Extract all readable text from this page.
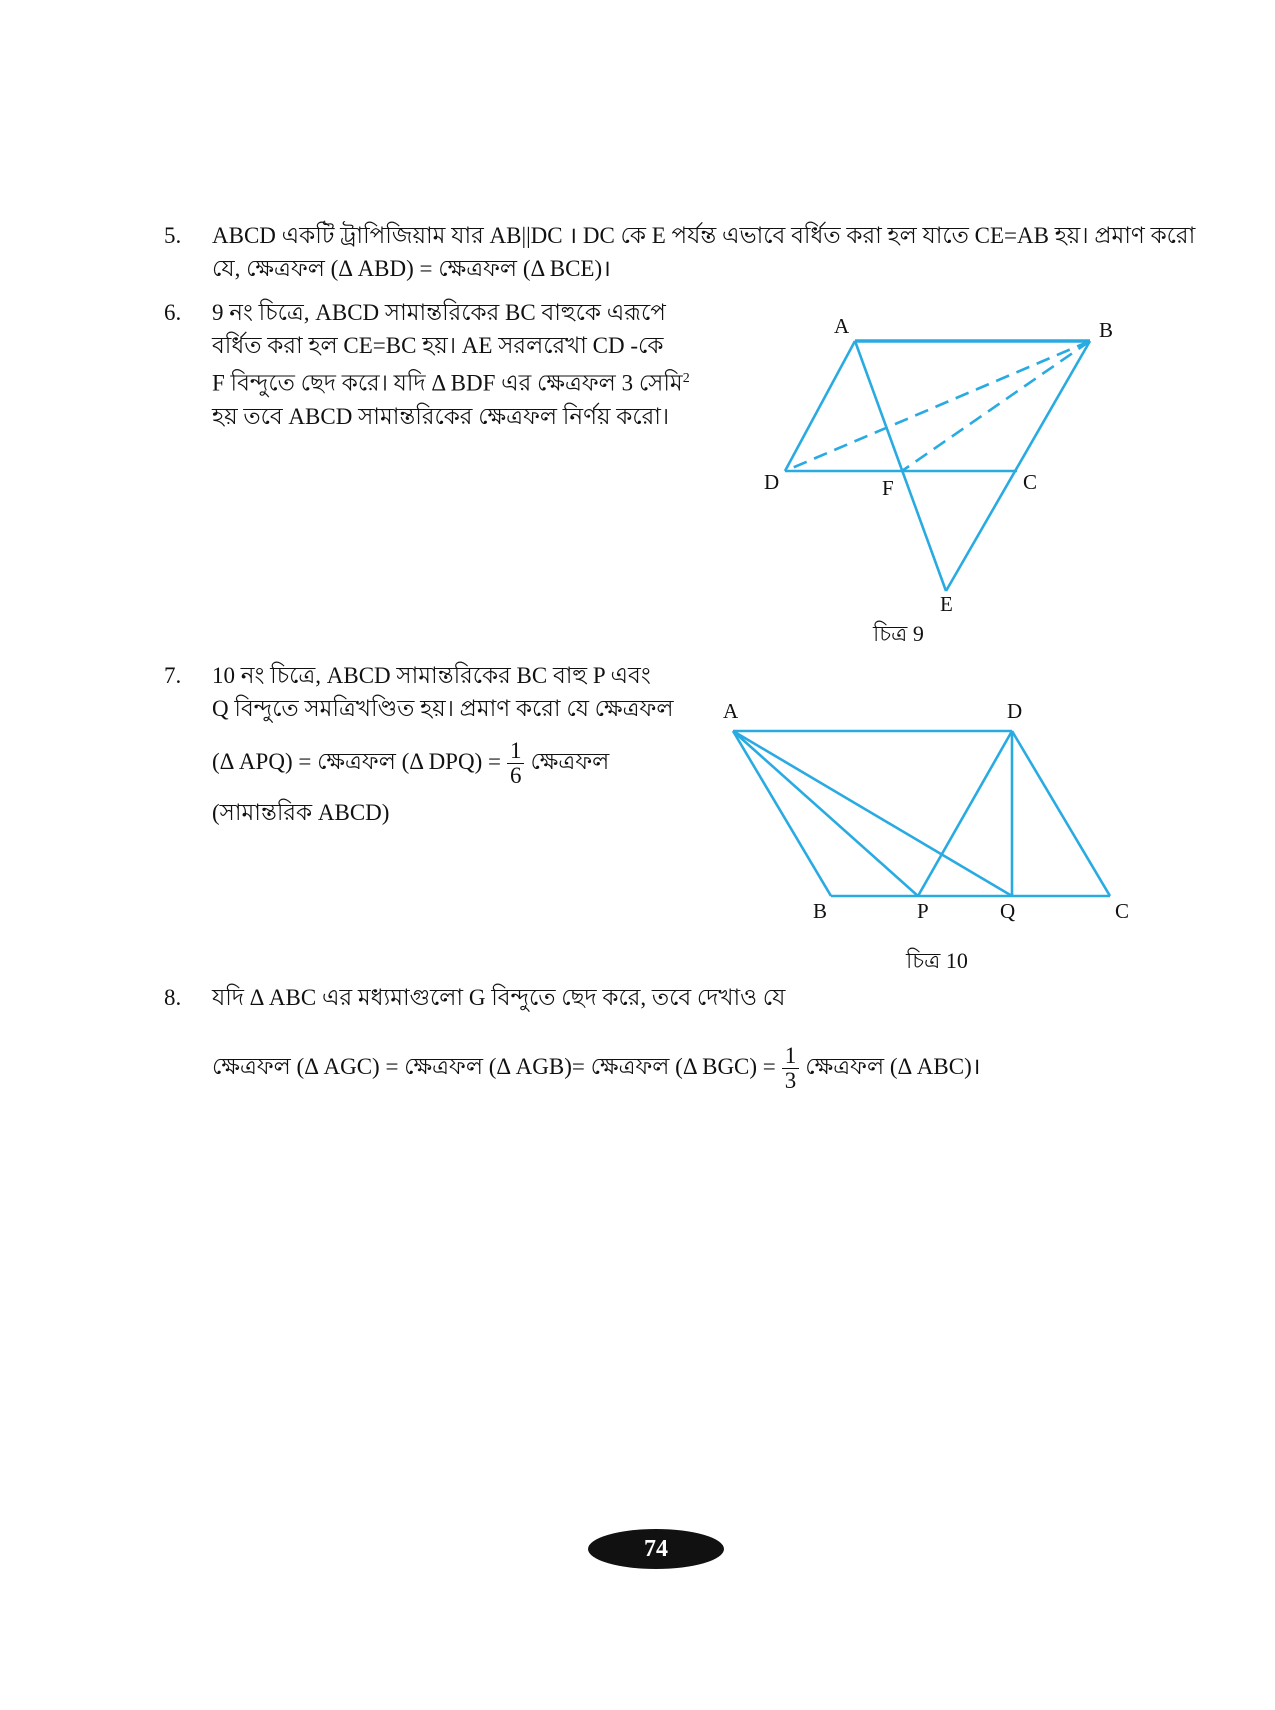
5. ABCD একটি ট্রাপিজিয়াম যার AB||DC । DC কে E পর্যন্ত এভাবে বর্ধিত করা হল যাতে CE=AB হয়। প্রমাণ করো
যে, ক্ষেত্রফল (Δ ABD) = ক্ষেত্রফল (Δ BCE)।
6. 9 নং চিত্রে, ABCD সামান্তরিকের BC বাহুকে এরূপে
বর্ধিত করা হল CE=BC হয়। AE সরলরেখা CD -কে
F বিন্দুতে ছেদ করে। যদি Δ BDF এর ক্ষেত্রফল 3 সেমি$^2$
হয় তবে ABCD সামান্তরিকের ক্ষেত্রফল নির্ণয় করো।
A	B
D	F	C
E
A	D
B	P	Q	C
চিত্র 9
7. 10 নং চিত্রে, ABCD সামান্তরিকের BC বাহু P এবং
Q বিন্দুতে সমত্রিখণ্ডিত হয়। প্রমাণ করো যে ক্ষেত্রফল
(Δ APQ) = ক্ষেত্রফল (Δ $DPQ) = \frac{1}{6}$ ক্ষেত্রফল
(সামান্তরিক ABCD)
চিত্র 10
8. যদি Δ ABC এর মধ্যমাগুলো G বিন্দুতে ছেদ করে, তবে দেখাও যে
ক্ষেত্রফল (Δ AGC) = ক্ষেত্রফল (Δ AGB)= ক্ষেত্রফল (Δ $BGC) = \frac{1}{3}$ ক্ষেত্রফল (Δ ABC)।
74
